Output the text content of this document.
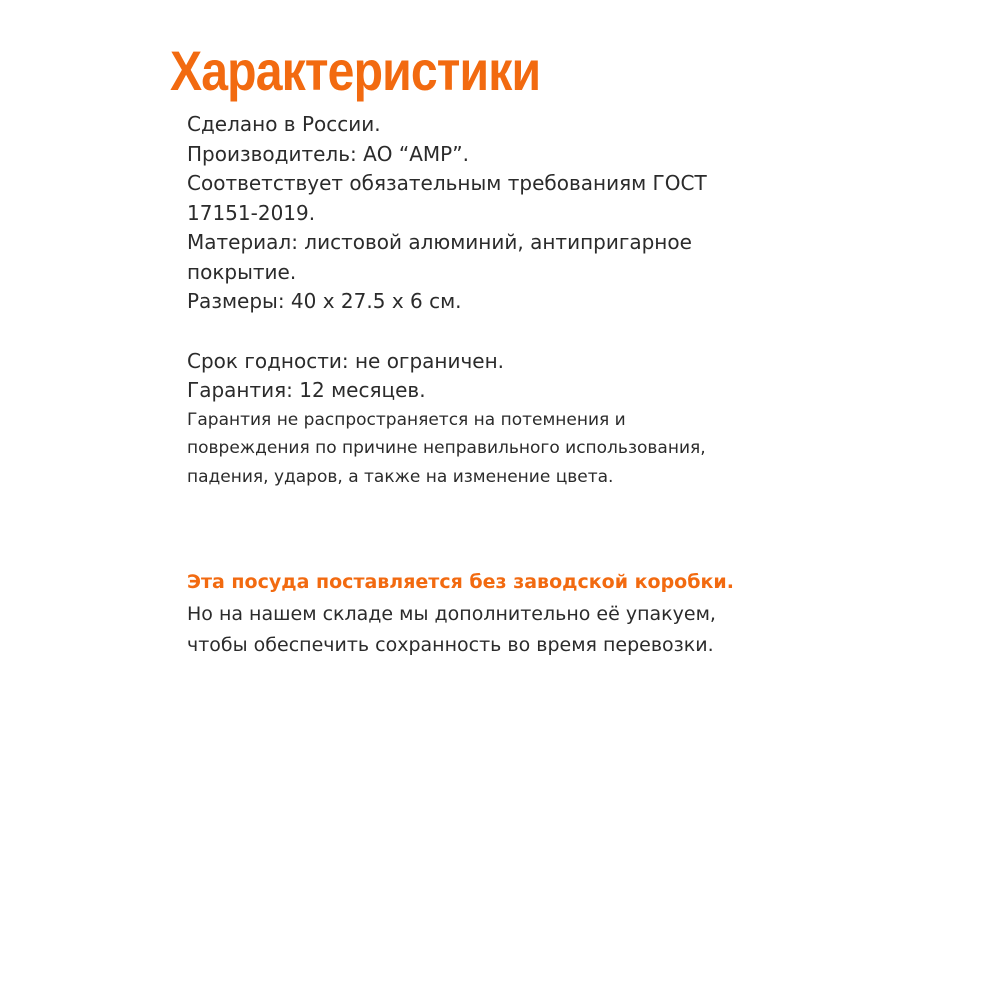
Характеристики
Сделано в России.
Производитель: АО “АМР”.
Соответствует обязательным требованиям ГОСТ
17151-2019.
Материал: листовой алюминий, антипригарное
покрытие.
Размеры: 40 х 27.5 х 6 см.
Срок годности: не ограничен.
Гарантия: 12 месяцев.
Гарантия не распространяется на потемнения и
повреждения по причине неправильного использования,
падения, ударов, а также на изменение цвета.
Эта посуда поставляется без заводской коробки.
Но на нашем складе мы дополнительно её упакуем,
чтобы обеспечить сохранность во время перевозки.
